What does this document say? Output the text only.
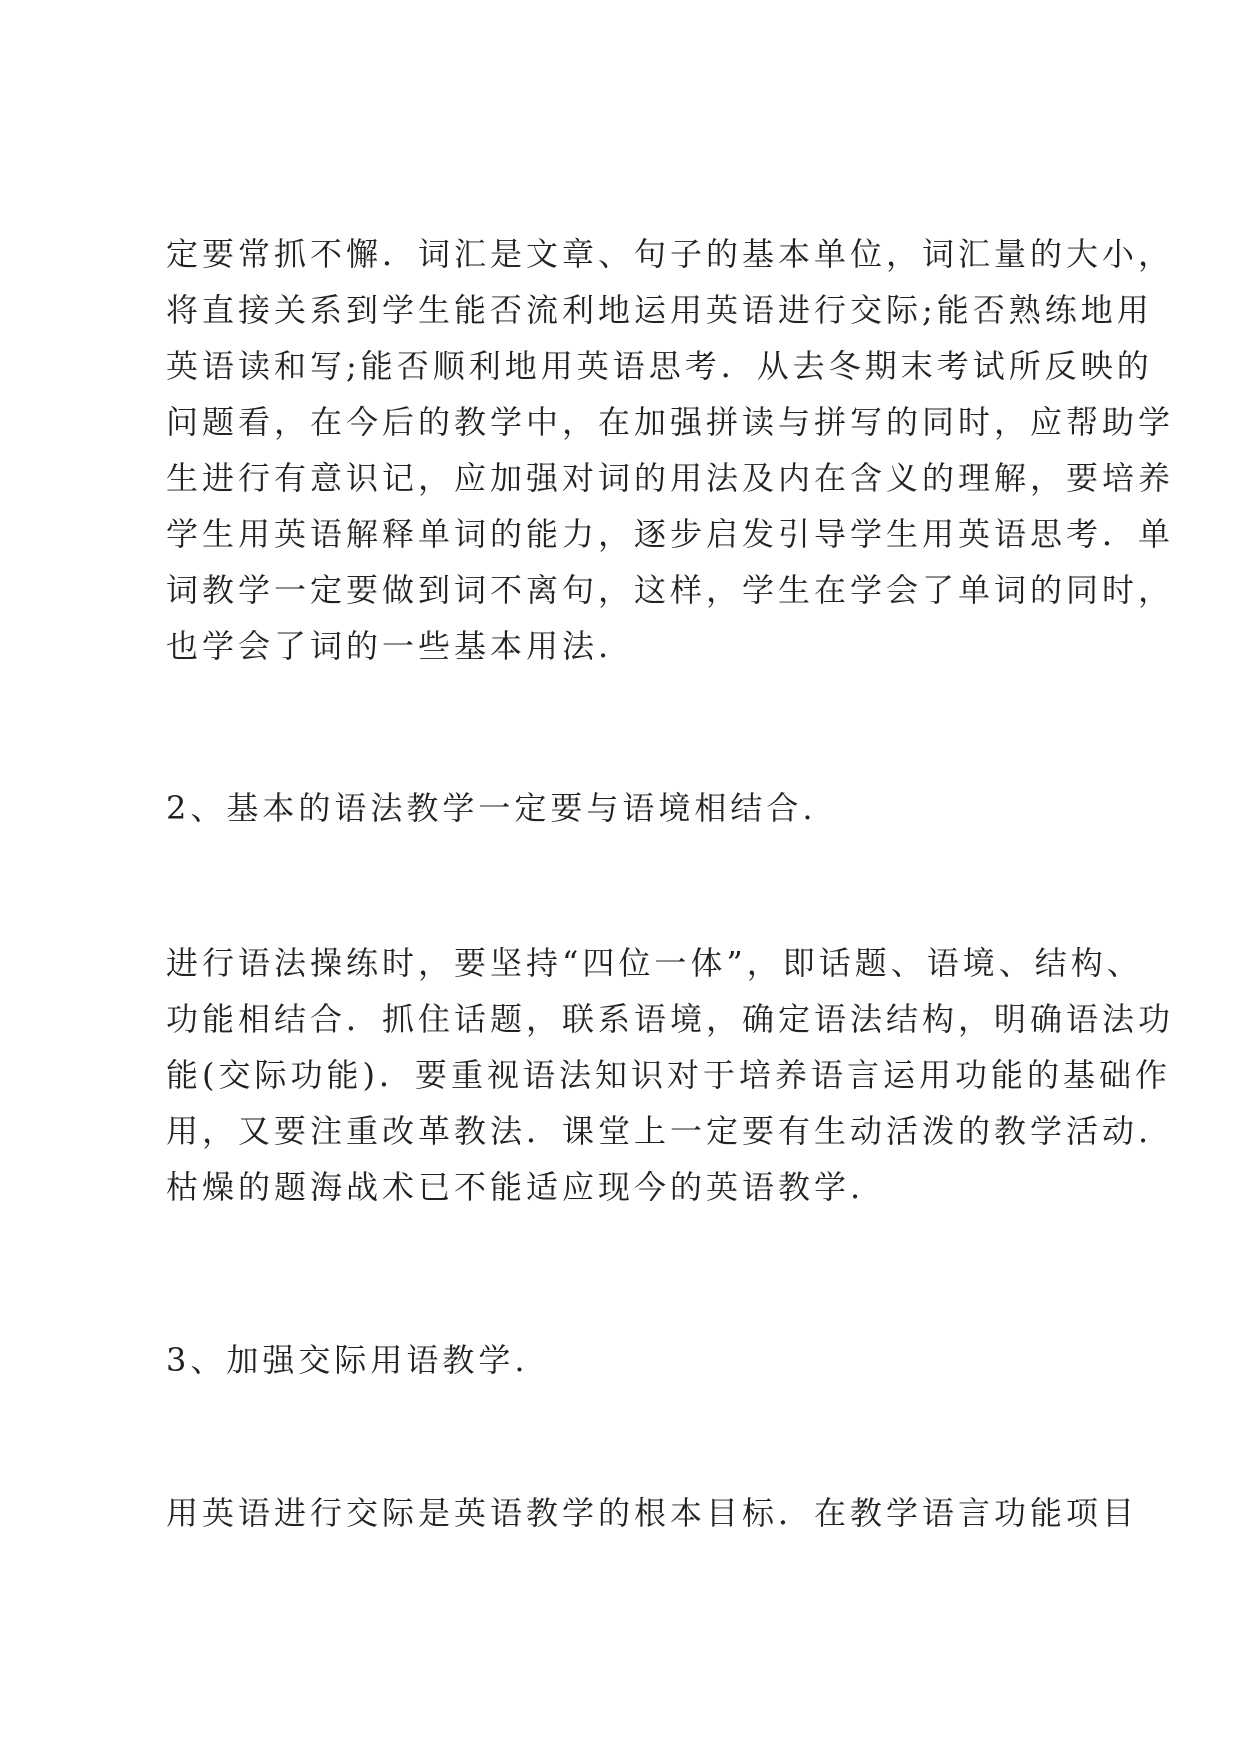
定要常抓不懈．词汇是文章、句子的基本单位，词汇量的大小，
将直接关系到学生能否流利地运用英语进行交际;能否熟练地用
英语读和写;能否顺利地用英语思考．从去冬期末考试所反映的
问题看，在今后的教学中，在加强拼读与拼写的同时，应帮助学
生进行有意识记，应加强对词的用法及内在含义的理解，要培养
学生用英语解释单词的能力，逐步启发引导学生用英语思考．单
词教学一定要做到词不离句，这样，学生在学会了单词的同时，
也学会了词的一些基本用法.
2、基本的语法教学一定要与语境相结合.
进行语法操练时，要坚持“四位一体”，即话题、语境、结构、
功能相结合．抓住话题，联系语境，确定语法结构，明确语法功
能(交际功能)．要重视语法知识对于培养语言运用功能的基础作
用，又要注重改革教法．课堂上一定要有生动活泼的教学活动.
枯燥的题海战术已不能适应现今的英语教学.
3、加强交际用语教学.
用英语进行交际是英语教学的根本目标．在教学语言功能项目
